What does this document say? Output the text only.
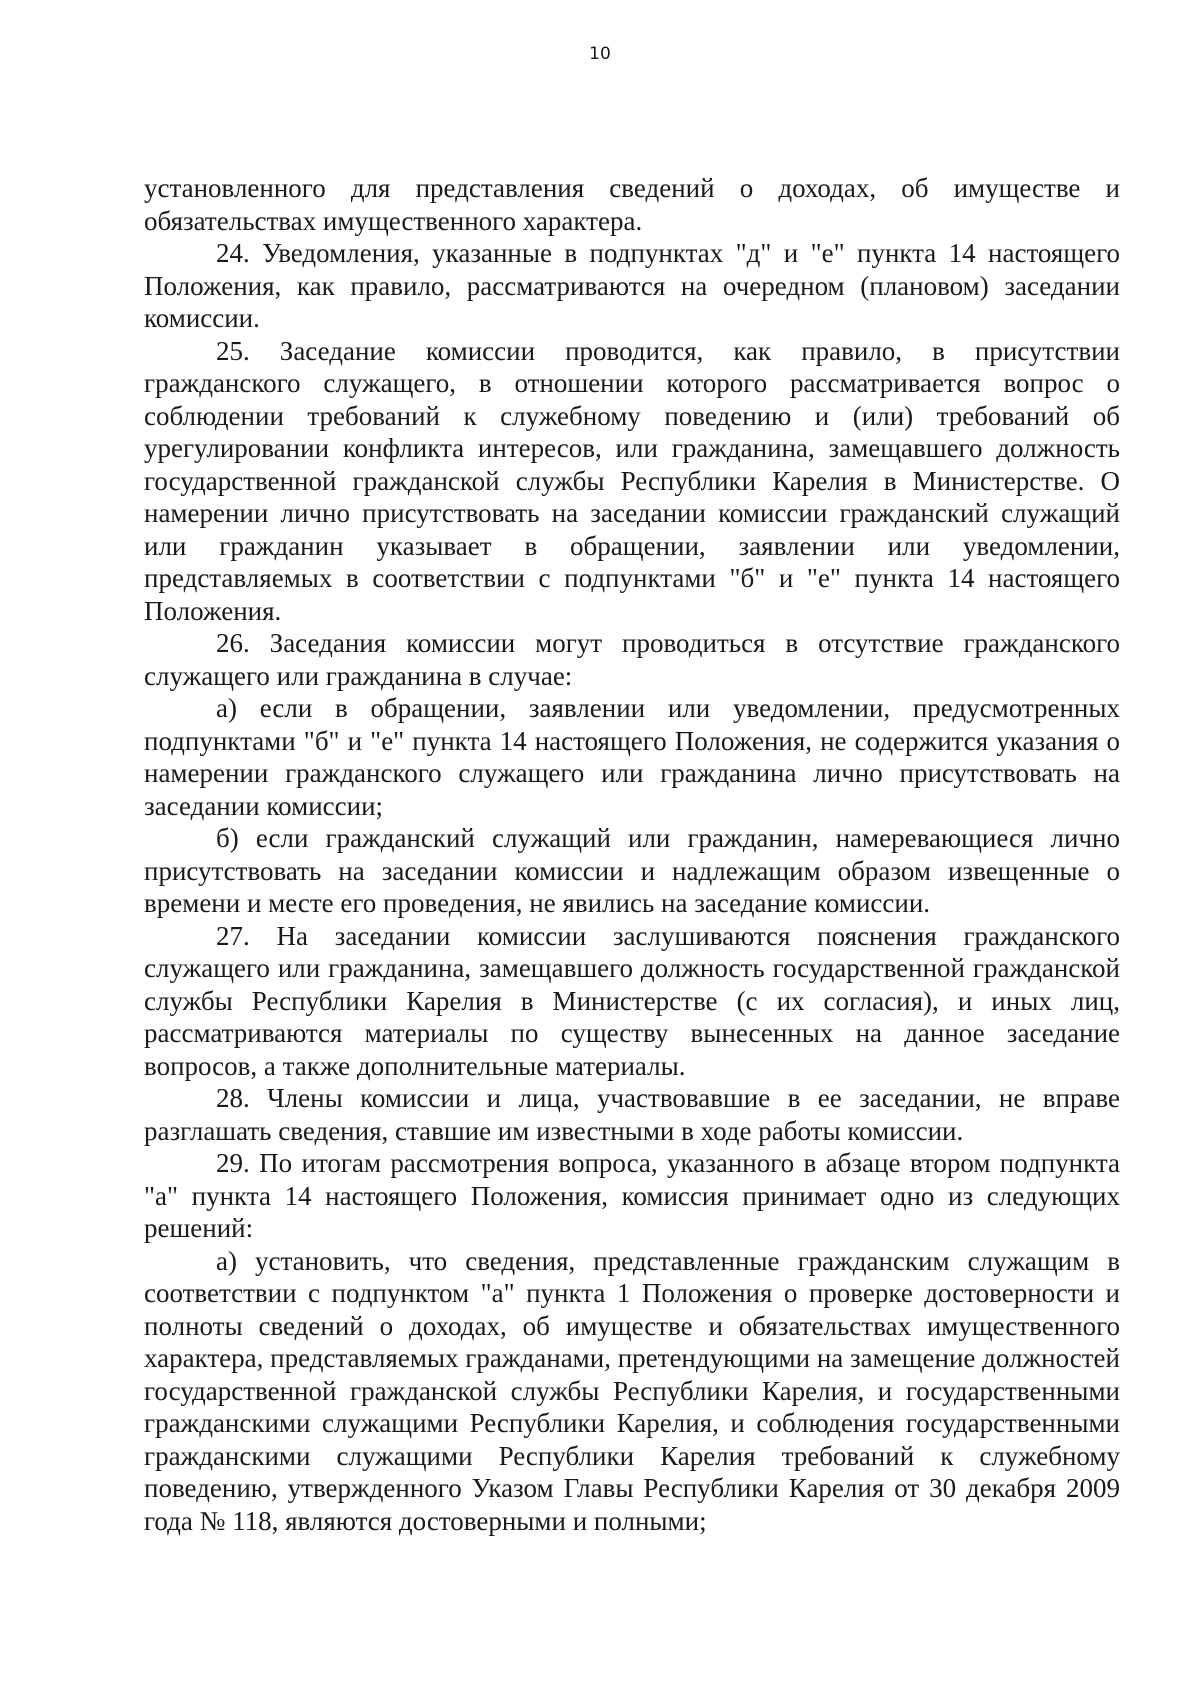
10

установленного для представления сведений о доходах, об имуществе и обязательствах имущественного характера.

24. Уведомления, указанные в подпунктах "д" и "е" пункта 14 настоящего Положения, как правило, рассматриваются на очередном (плановом) заседании комиссии.

25. Заседание комиссии проводится, как правило, в присутствии гражданского служащего, в отношении которого рассматривается вопрос о соблюдении требований к служебному поведению и (или) требований об урегулировании конфликта интересов, или гражданина, замещавшего должность государственной гражданской службы Республики Карелия в Министерстве. О намерении лично присутствовать на заседании комиссии гражданский служащий или гражданин указывает в обращении, заявлении или уведомлении, представляемых в соответствии с подпунктами "б" и "е" пункта 14 настоящего Положения.

26. Заседания комиссии могут проводиться в отсутствие гражданского служащего или гражданина в случае:

а) если в обращении, заявлении или уведомлении, предусмотренных подпунктами "б" и "е" пункта 14 настоящего Положения, не содержится указания о намерении гражданского служащего или гражданина лично присутствовать на заседании комиссии;

б) если гражданский служащий или гражданин, намеревающиеся лично присутствовать на заседании комиссии и надлежащим образом извещенные о времени и месте его проведения, не явились на заседание комиссии.

27. На заседании комиссии заслушиваются пояснения гражданского служащего или гражданина, замещавшего должность государственной гражданской службы Республики Карелия в Министерстве (с их согласия), и иных лиц, рассматриваются материалы по существу вынесенных на данное заседание вопросов, а также дополнительные материалы.

28. Члены комиссии и лица, участвовавшие в ее заседании, не вправе разглашать сведения, ставшие им известными в ходе работы комиссии.

29. По итогам рассмотрения вопроса, указанного в абзаце втором подпункта "а" пункта 14 настоящего Положения, комиссия принимает одно из следующих решений:

а) установить, что сведения, представленные гражданским служащим в соответствии с подпунктом "а" пункта 1 Положения о проверке достоверности и полноты сведений о доходах, об имуществе и обязательствах имущественного характера, представляемых гражданами, претендующими на замещение должностей государственной гражданской службы Республики Карелия, и государственными гражданскими служащими Республики Карелия, и соблюдения государственными гражданскими служащими Республики Карелия требований к служебному поведению, утвержденного Указом Главы Республики Карелия от 30 декабря 2009 года № 118, являются достоверными и полными;
